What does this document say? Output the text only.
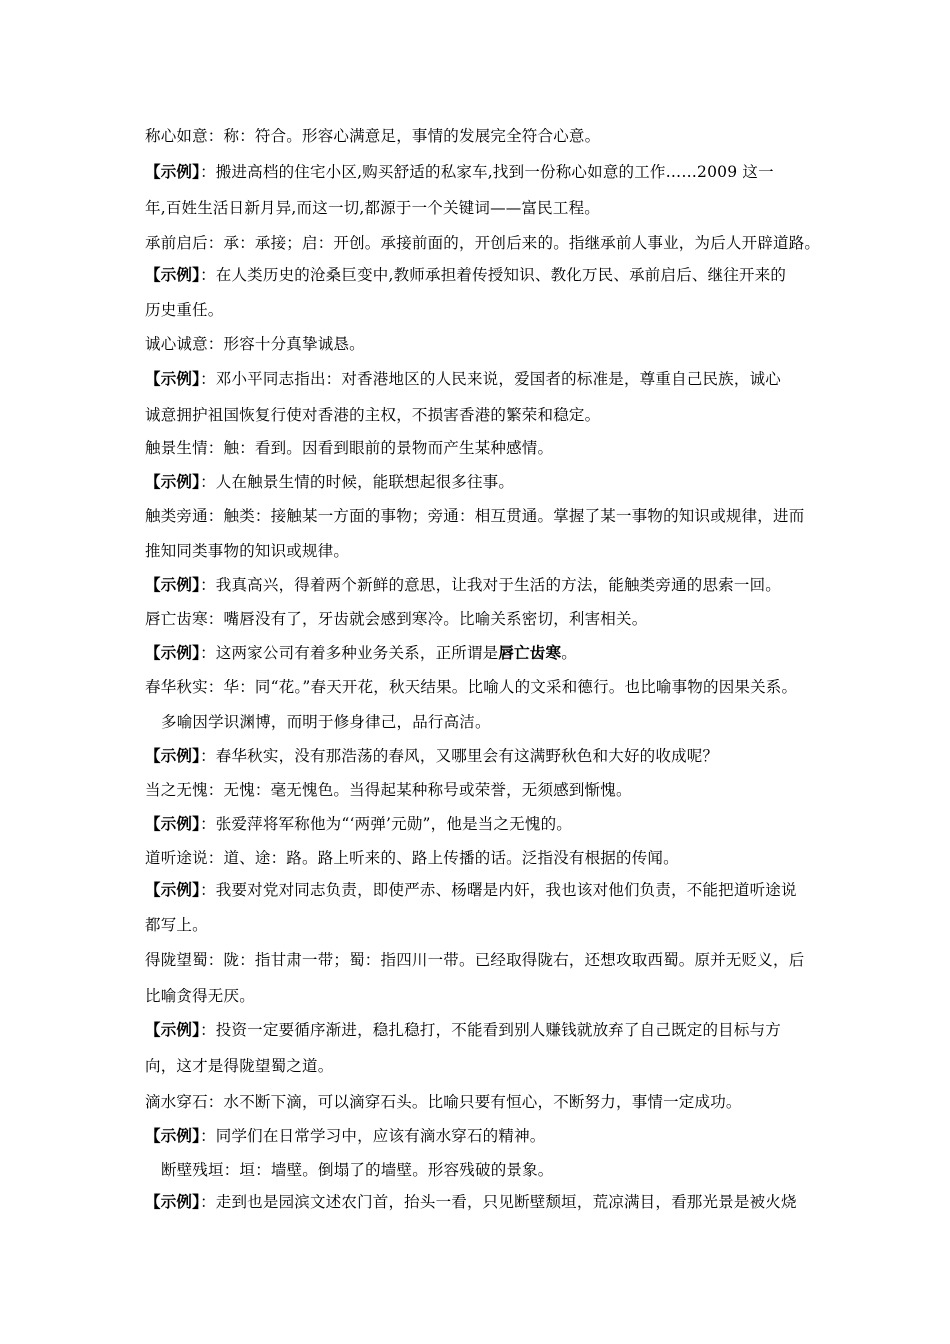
称心如意：称：符合。形容心满意足，事情的发展完全符合心意。
【示例】：搬进高档的住宅小区,购买舒适的私家车,找到一份称心如意的工作……2009 这一
年,百姓生活日新月异,而这一切,都源于一个关键词——富民工程。
承前启后：承：承接；启：开创。承接前面的，开创后来的。指继承前人事业，为后人开辟道路。
【示例】：在人类历史的沧桑巨变中,教师承担着传授知识、教化万民、承前启后、继往开来的
历史重任。
诚心诚意：形容十分真挚诚恳。
【示例】：邓小平同志指出：对香港地区的人民来说，爱国者的标准是，尊重自己民族，诚心
诚意拥护祖国恢复行使对香港的主权，不损害香港的繁荣和稳定。
触景生情：触：看到。因看到眼前的景物而产生某种感情。
【示例】：人在触景生情的时候，能联想起很多往事。
触类旁通：触类：接触某一方面的事物；旁通：相互贯通。掌握了某一事物的知识或规律，进而
推知同类事物的知识或规律。
【示例】：我真高兴，得着两个新鲜的意思，让我对于生活的方法，能触类旁通的思索一回。
唇亡齿寒：嘴唇没有了，牙齿就会感到寒冷。比喻关系密切，利害相关。
【示例】：这两家公司有着多种业务关系，正所谓是唇亡齿寒。
春华秋实：华：同“花。”春天开花，秋天结果。比喻人的文采和德行。也比喻事物的因果关系。
多喻因学识渊博，而明于修身律己，品行高洁。
【示例】：春华秋实，没有那浩荡的春风，又哪里会有这满野秋色和大好的收成呢？
当之无愧：无愧：毫无愧色。当得起某种称号或荣誉，无须感到惭愧。
【示例】：张爱萍将军称他为“‘两弹’元勋”，他是当之无愧的。
道听途说：道、途：路。路上听来的、路上传播的话。泛指没有根据的传闻。
【示例】：我要对党对同志负责，即使严赤、杨曙是内奸，我也该对他们负责，不能把道听途说
都写上。
得陇望蜀：陇：指甘肃一带；蜀：指四川一带。已经取得陇右，还想攻取西蜀。原并无贬义，后
比喻贪得无厌。
【示例】：投资一定要循序渐进，稳扎稳打，不能看到别人赚钱就放弃了自己既定的目标与方
向，这才是得陇望蜀之道。
滴水穿石：水不断下滴，可以滴穿石头。比喻只要有恒心，不断努力，事情一定成功。
【示例】：同学们在日常学习中，应该有滴水穿石的精神。
断壁残垣：垣：墙壁。倒塌了的墙壁。形容残破的景象。
【示例】：走到也是园滨文述农门首，抬头一看，只见断壁颓垣，荒凉满目，看那光景是被火烧
